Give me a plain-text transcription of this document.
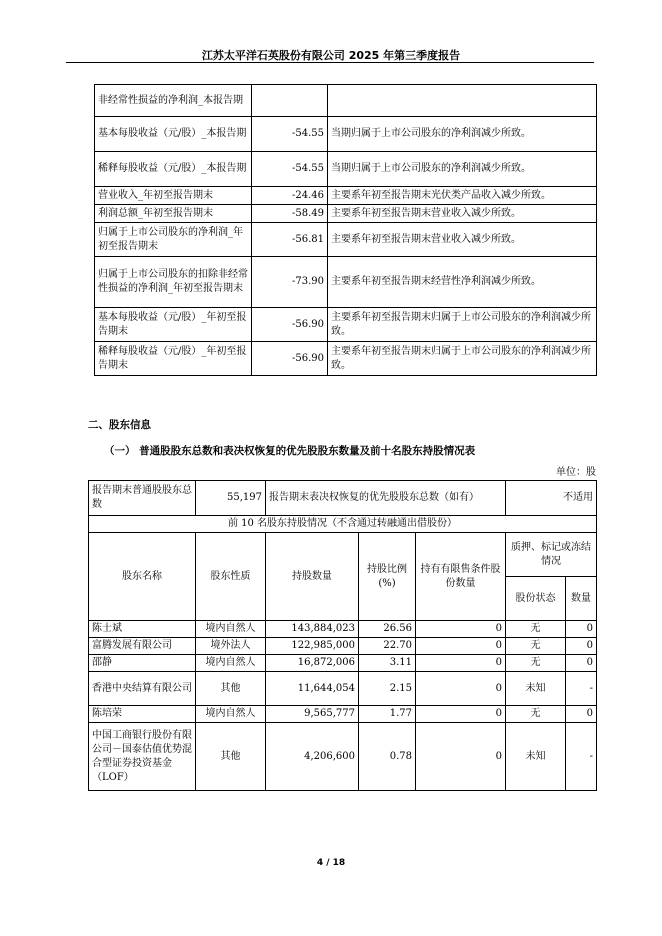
江苏太平洋石英股份有限公司 2025 年第三季度报告
非经常性损益的净利润_本报告期		
基本每股收益（元/股）_本报告期	-54.55	当期归属于上市公司股东的净利润减少所致。
稀释每股收益（元/股）_本报告期	-54.55	当期归属于上市公司股东的净利润减少所致。
营业收入_年初至报告期末	-24.46	主要系年初至报告期末光伏类产品收入减少所致。
利润总额_年初至报告期末	-58.49	主要系年初至报告期末营业收入减少所致。
归属于上市公司股东的净利润_年初至报告期末	-56.81	主要系年初至报告期末营业收入减少所致。
归属于上市公司股东的扣除非经常性损益的净利润_年初至报告期末	-73.90	主要系年初至报告期末经营性净利润减少所致。
基本每股收益（元/股）_年初至报告期末	-56.90	主要系年初至报告期末归属于上市公司股东的净利润减少所致。
稀释每股收益（元/股）_年初至报告期末	-56.90	主要系年初至报告期末归属于上市公司股东的净利润减少所致。
二、股东信息
（一） 普通股股东总数和表决权恢复的优先股股东数量及前十名股东持股情况表
单位：股
报告期末普通股股东总数	55,197	报告期末表决权恢复的优先股股东总数（如有）			不适用	
前 10 名股东持股情况（不含通过转融通出借股份）						
股东名称	股东性质	持股数量	持股比例(%)	持有有限售条件股份数量	质押、标记或冻结情况	
					股份状态	数量
陈士斌	境内自然人	143,884,023	26.56	0	无	0
富腾发展有限公司	境外法人	122,985,000	22.70	0	无	0
邵静	境内自然人	16,872,006	3.11	0	无	0
香港中央结算有限公司	其他	11,644,054	2.15	0	未知	-
陈培荣	境内自然人	9,565,777	1.77	0	无	0
中国工商银行股份有限公司－国泰估值优势混合型证券投资基金（LOF）	其他	4,206,600	0.78	0	未知	-
4 / 18
